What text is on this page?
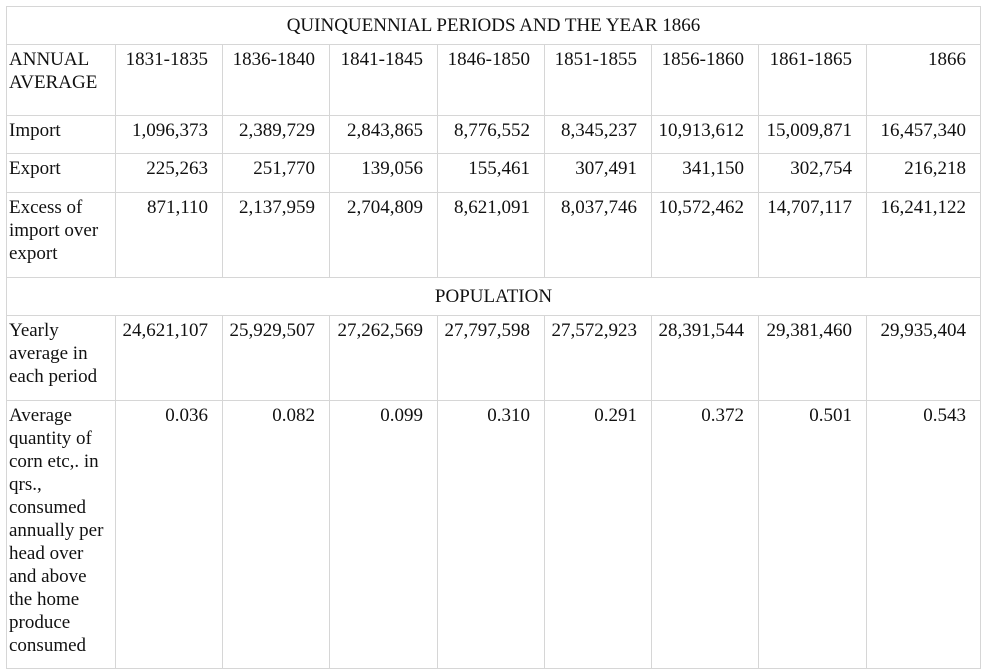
QUINQUENNIAL PERIODS AND THE YEAR 1866								
ANNUAL AVERAGE	1831-1835	1836-1840	1841-1845	1846-1850	1851-1855	1856-1860	1861-1865	1866
Import	1,096,373	2,389,729	2,843,865	8,776,552	8,345,237	10,913,612	15,009,871	16,457,340
Export	225,263	251,770	139,056	155,461	307,491	341,150	302,754	216,218
Excess of import over export	871,110	2,137,959	2,704,809	8,621,091	8,037,746	10,572,462	14,707,117	16,241,122
POPULATION								
Yearly average in each period	24,621,107	25,929,507	27,262,569	27,797,598	27,572,923	28,391,544	29,381,460	29,935,404
Average quantity of corn etc,. in qrs., consumed annually per head over and above the home produce consumed	0.036	0.082	0.099	0.310	0.291	0.372	0.501	0.543
